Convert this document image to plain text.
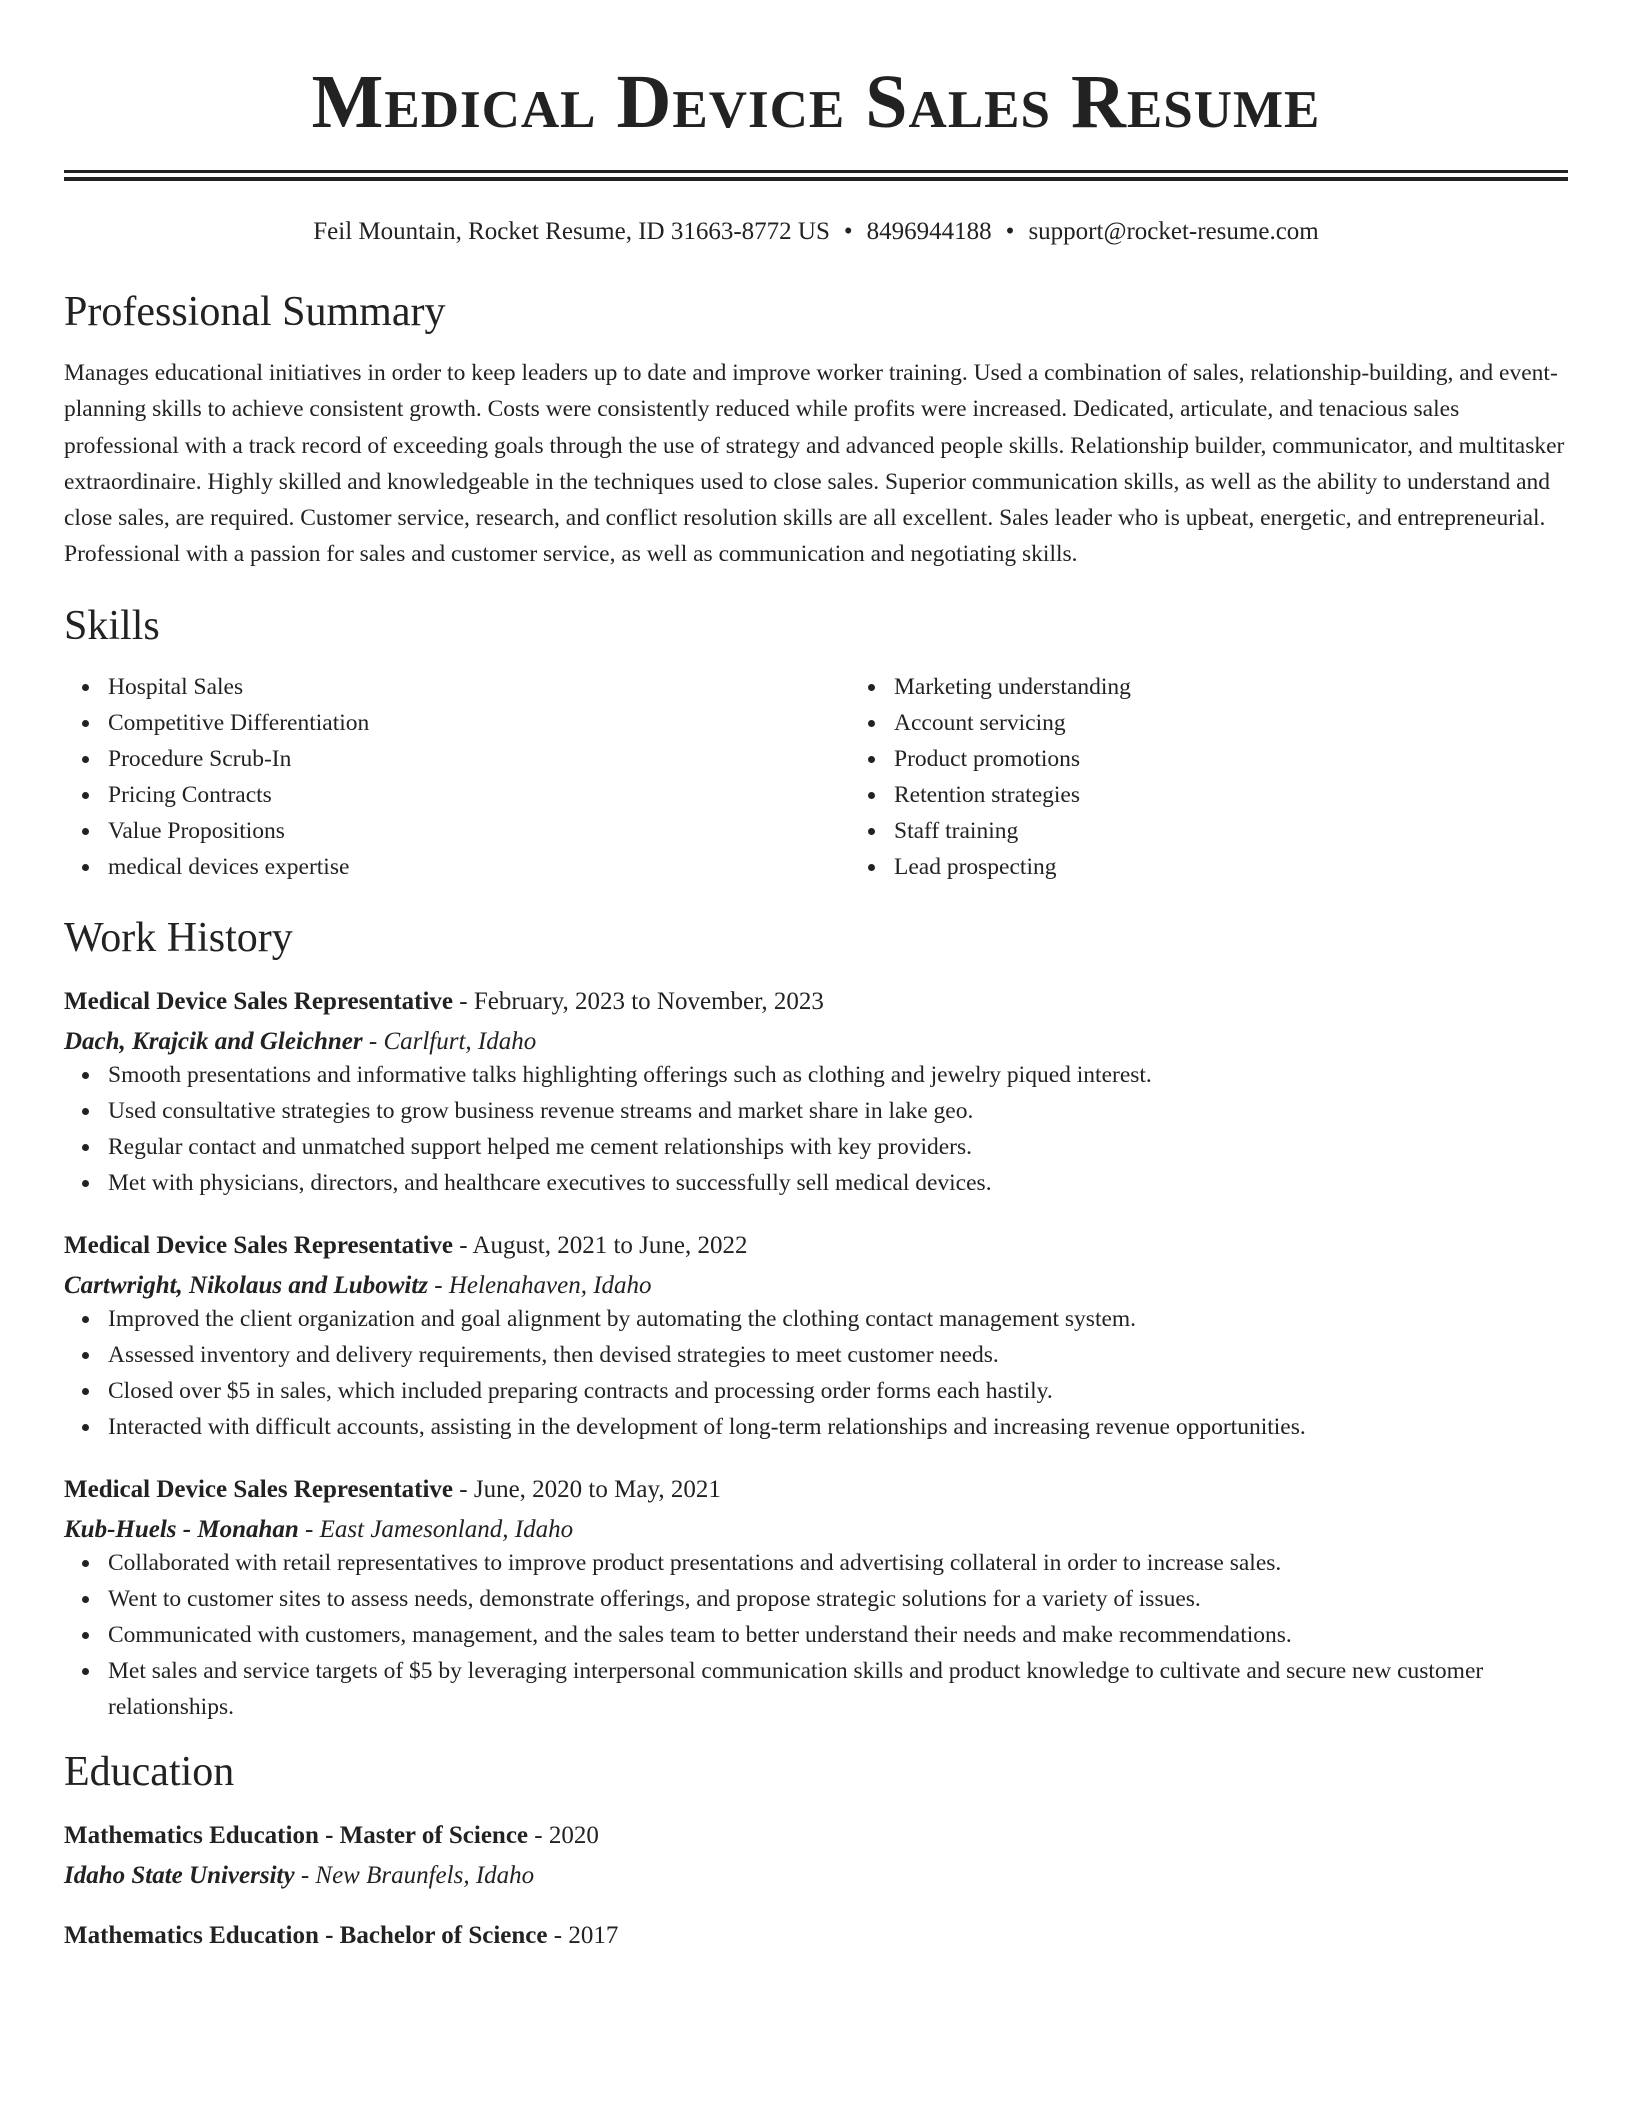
Medical Device Sales Resume
Feil Mountain, Rocket Resume, ID 31663-8772 US • 8496944188 • support@rocket-resume.com
Professional Summary

Manages educational initiatives in order to keep leaders up to date and improve worker training. Used a combination of sales, relationship-building, and event-planning skills to achieve consistent growth. Costs were consistently reduced while profits were increased. Dedicated, articulate, and tenacious sales professional with a track record of exceeding goals through the use of strategy and advanced people skills. Relationship builder, communicator, and multitasker extraordinaire. Highly skilled and knowledgeable in the techniques used to close sales. Superior communication skills, as well as the ability to understand and close sales, are required. Customer service, research, and conflict resolution skills are all excellent. Sales leader who is upbeat, energetic, and entrepreneurial. Professional with a passion for sales and customer service, as well as communication and negotiating skills.

Skills
Hospital Sales
Competitive Differentiation
Procedure Scrub-In
Pricing Contracts
Value Propositions
medical devices expertise
Marketing understanding
Account servicing
Product promotions
Retention strategies
Staff training
Lead prospecting
Work History
Medical Device Sales Representative - February, 2023 to November, 2023
Dach, Krajcik and Gleichner - Carlfurt, Idaho
Smooth presentations and informative talks highlighting offerings such as clothing and jewelry piqued interest.
Used consultative strategies to grow business revenue streams and market share in lake geo.
Regular contact and unmatched support helped me cement relationships with key providers.
Met with physicians, directors, and healthcare executives to successfully sell medical devices.
Medical Device Sales Representative - August, 2021 to June, 2022
Cartwright, Nikolaus and Lubowitz - Helenahaven, Idaho
Improved the client organization and goal alignment by automating the clothing contact management system.
Assessed inventory and delivery requirements, then devised strategies to meet customer needs.
Closed over $5 in sales, which included preparing contracts and processing order forms each hastily.
Interacted with difficult accounts, assisting in the development of long-term relationships and increasing revenue opportunities.
Medical Device Sales Representative - June, 2020 to May, 2021
Kub-Huels - Monahan - East Jamesonland, Idaho
Collaborated with retail representatives to improve product presentations and advertising collateral in order to increase sales.
Went to customer sites to assess needs, demonstrate offerings, and propose strategic solutions for a variety of issues.
Communicated with customers, management, and the sales team to better understand their needs and make recommendations.
Met sales and service targets of $5 by leveraging interpersonal communication skills and product knowledge to cultivate and secure new customer relationships.
Education
Mathematics Education - Master of Science - 2020
Idaho State University - New Braunfels, Idaho
Mathematics Education - Bachelor of Science - 2017
